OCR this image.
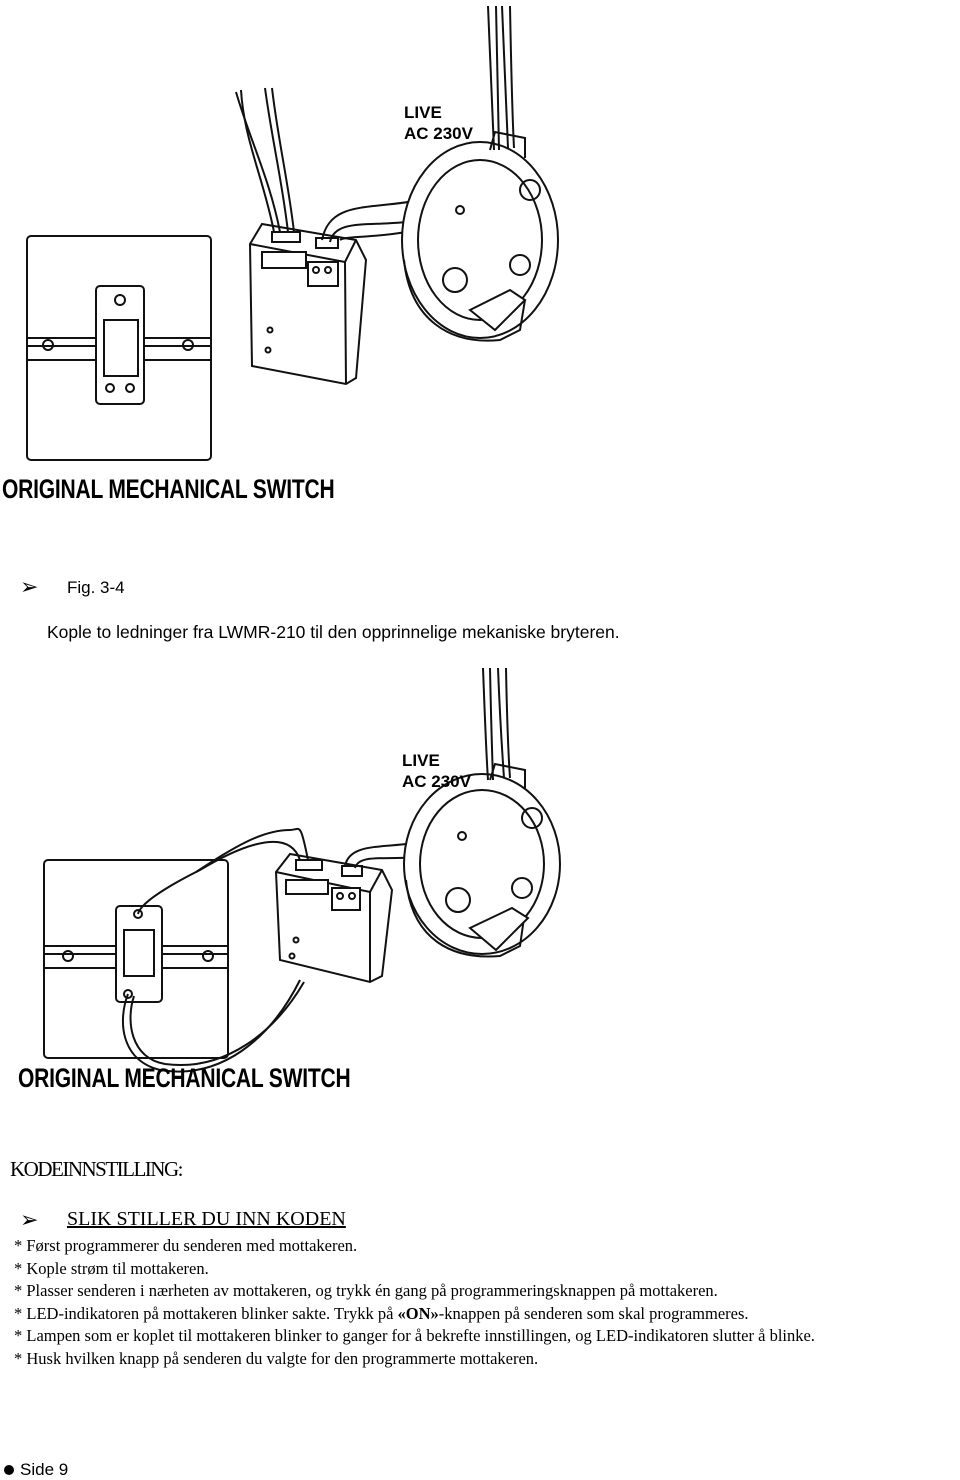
LIVE
AC 230V
ORIGINAL MECHANICAL SWITCH
➢ Fig. 3-4
Kople to ledninger fra LWMR-210 til den opprinnelige mekaniske bryteren.
LIVE
AC 230V
ORIGINAL MECHANICAL SWITCH
KODEINNSTILLING:
➢ SLIK STILLER DU INN KODEN
* Først programmerer du senderen med mottakeren.
* Kople strøm til mottakeren.
* Plasser senderen i nærheten av mottakeren, og trykk én gang på programmeringsknappen på mottakeren.
* LED-indikatoren på mottakeren blinker sakte. Trykk på «ON»-knappen på senderen som skal programmeres.
* Lampen som er koplet til mottakeren blinker to ganger for å bekrefte innstillingen, og LED-indikatoren slutter å blinke.
* Husk hvilken knapp på senderen du valgte for den programmerte mottakeren.
Side 9
